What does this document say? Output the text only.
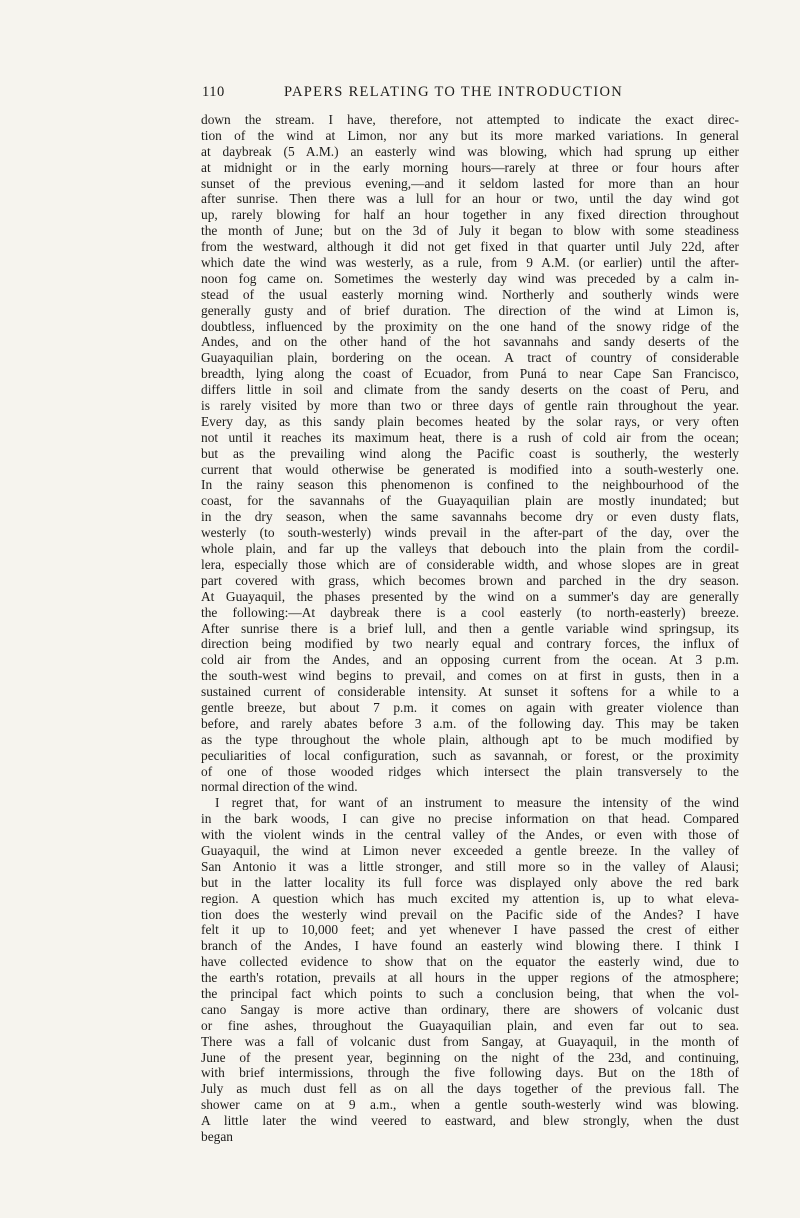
110	PAPERS RELATING TO THE INTRODUCTION
down the stream. I have, therefore, not attempted to indicate the exact direc-
tion of the wind at Limon, nor any but its more marked variations. In general
at daybreak (5 A.M.) an easterly wind was blowing, which had sprung up either
at midnight or in the early morning hours—rarely at three or four hours after
sunset of the previous evening,—and it seldom lasted for more than an hour
after sunrise. Then there was a lull for an hour or two, until the day wind got
up, rarely blowing for half an hour together in any fixed direction throughout
the month of June; but on the 3d of July it began to blow with some steadiness
from the westward, although it did not get fixed in that quarter until July 22d, after
which date the wind was westerly, as a rule, from 9 A.M. (or earlier) until the after-
noon fog came on. Sometimes the westerly day wind was preceded by a calm in-
stead of the usual easterly morning wind. Northerly and southerly winds were
generally gusty and of brief duration. The direction of the wind at Limon is,
doubtless, influenced by the proximity on the one hand of the snowy ridge of the
Andes, and on the other hand of the hot savannahs and sandy deserts of the
Guayaquilian plain, bordering on the ocean. A tract of country of considerable
breadth, lying along the coast of Ecuador, from Puná to near Cape San Francisco,
differs little in soil and climate from the sandy deserts on the coast of Peru, and
is rarely visited by more than two or three days of gentle rain throughout the year.
Every day, as this sandy plain becomes heated by the solar rays, or very often
not until it reaches its maximum heat, there is a rush of cold air from the ocean;
but as the prevailing wind along the Pacific coast is southerly, the westerly
current that would otherwise be generated is modified into a south-westerly one.
In the rainy season this phenomenon is confined to the neighbourhood of the
coast, for the savannahs of the Guayaquilian plain are mostly inundated; but
in the dry season, when the same savannahs become dry or even dusty flats,
westerly (to south-westerly) winds prevail in the after-part of the day, over the
whole plain, and far up the valleys that debouch into the plain from the cordil-
lera, especially those which are of considerable width, and whose slopes are in great
part covered with grass, which becomes brown and parched in the dry season.
At Guayaquil, the phases presented by the wind on a summer's day are generally
the following:—At daybreak there is a cool easterly (to north-easterly) breeze.
After sunrise there is a brief lull, and then a gentle variable wind springsup, its
direction being modified by two nearly equal and contrary forces, the influx of
cold air from the Andes, and an opposing current from the ocean. At 3 p.m.
the south-west wind begins to prevail, and comes on at first in gusts, then in a
sustained current of considerable intensity. At sunset it softens for a while to a
gentle breeze, but about 7 p.m. it comes on again with greater violence than
before, and rarely abates before 3 a.m. of the following day. This may be taken
as the type throughout the whole plain, although apt to be much modified by
peculiarities of local configuration, such as savannah, or forest, or the proximity
of one of those wooded ridges which intersect the plain transversely to the
normal direction of the wind.
I regret that, for want of an instrument to measure the intensity of the wind
in the bark woods, I can give no precise information on that head. Compared
with the violent winds in the central valley of the Andes, or even with those of
Guayaquil, the wind at Limon never exceeded a gentle breeze. In the valley of
San Antonio it was a little stronger, and still more so in the valley of Alausi;
but in the latter locality its full force was displayed only above the red bark
region. A question which has much excited my attention is, up to what eleva-
tion does the westerly wind prevail on the Pacific side of the Andes? I have
felt it up to 10,000 feet; and yet whenever I have passed the crest of either
branch of the Andes, I have found an easterly wind blowing there. I think I
have collected evidence to show that on the equator the easterly wind, due to
the earth's rotation, prevails at all hours in the upper regions of the atmosphere;
the principal fact which points to such a conclusion being, that when the vol-
cano Sangay is more active than ordinary, there are showers of volcanic dust
or fine ashes, throughout the Guayaquilian plain, and even far out to sea.
There was a fall of volcanic dust from Sangay, at Guayaquil, in the month of
June of the present year, beginning on the night of the 23d, and continuing,
with brief intermissions, through the five following days. But on the 18th of
July as much dust fell as on all the days together of the previous fall. The
shower came on at 9 a.m., when a gentle south-westerly wind was blowing.
A little later the wind veered to eastward, and blew strongly, when the dust
began
